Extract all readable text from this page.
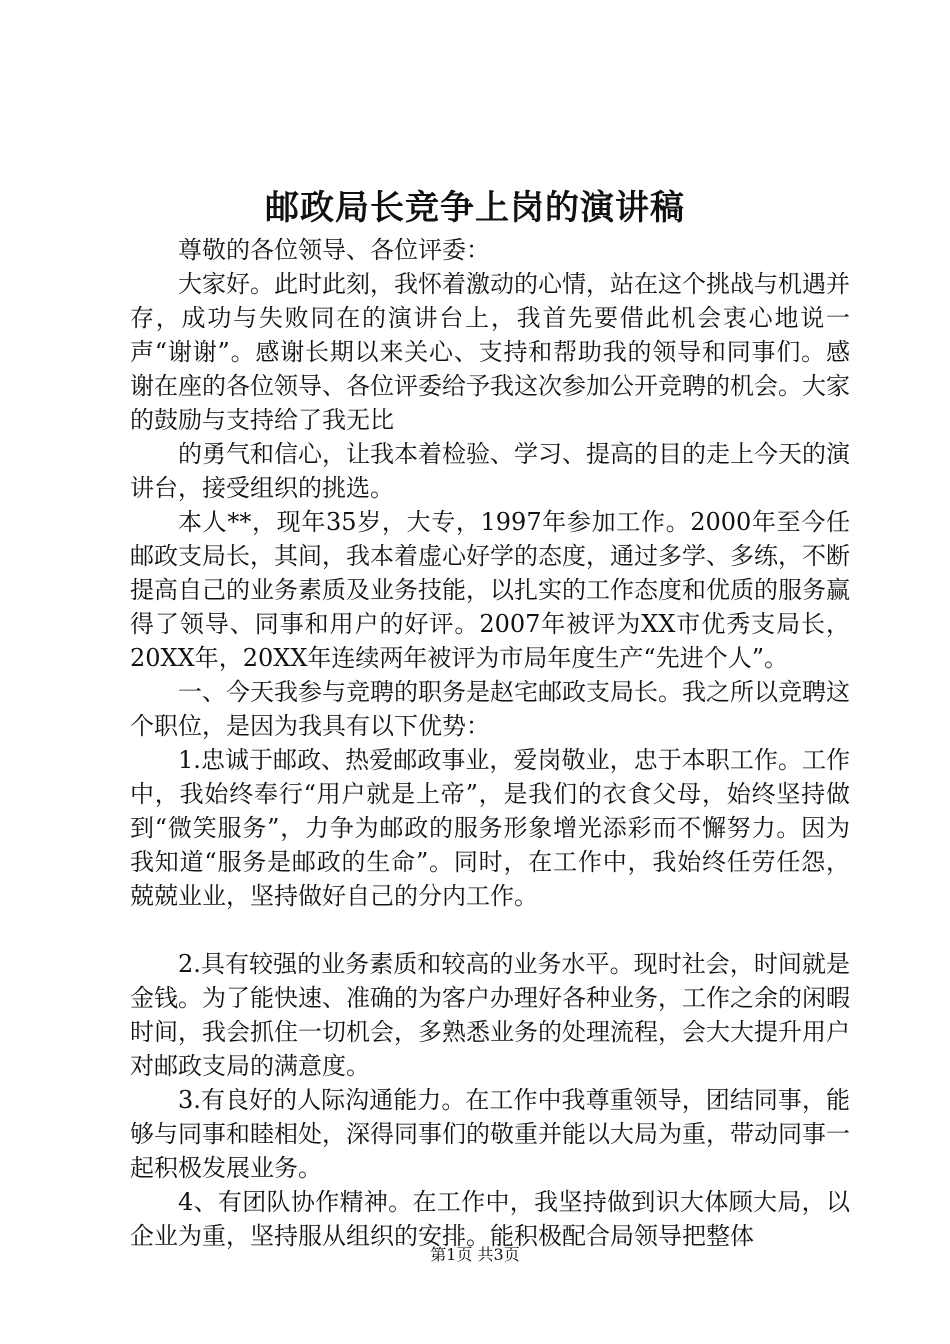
邮政局长竞争上岗的演讲稿

尊敬的各位领导、各位评委：

大家好。此时此刻，我怀着激动的心情，站在这个挑战与机遇并存，成功与失败同在的演讲台上，我首先要借此机会衷心地说一声“谢谢”。感谢长期以来关心、支持和帮助我的领导和同事们。感谢在座的各位领导、各位评委给予我这次参加公开竞聘的机会。大家的鼓励与支持给了我无比

的勇气和信心，让我本着检验、学习、提高的目的走上今天的演讲台，接受组织的挑选。

本人**，现年35岁，大专，1997年参加工作。2000年至今任邮政支局长，其间，我本着虚心好学的态度，通过多学、多练，不断提高自己的业务素质及业务技能，以扎实的工作态度和优质的服务赢得了领导、同事和用户的好评。2007年被评为XX市优秀支局长，20XX年，20XX年连续两年被评为市局年度生产“先进个人”。

一、今天我参与竞聘的职务是赵宅邮政支局长。我之所以竞聘这个职位，是因为我具有以下优势：

1.忠诚于邮政、热爱邮政事业，爱岗敬业，忠于本职工作。工作中，我始终奉行“用户就是上帝”，是我们的衣食父母，始终坚持做到“微笑服务”，力争为邮政的服务形象增光添彩而不懈努力。因为我知道“服务是邮政的生命”。同时，在工作中，我始终任劳任怨，兢兢业业，坚持做好自己的分内工作。

2.具有较强的业务素质和较高的业务水平。现时社会，时间就是金钱。为了能快速、准确的为客户办理好各种业务，工作之余的闲暇时间，我会抓住一切机会，多熟悉业务的处理流程，会大大提升用户对邮政支局的满意度。

3.有良好的人际沟通能力。在工作中我尊重领导，团结同事，能够与同事和睦相处，深得同事们的敬重并能以大局为重，带动同事一起积极发展业务。

4、有团队协作精神。在工作中，我坚持做到识大体顾大局，以企业为重，坚持服从组织的安排。能积极配合局领导把整体

第1页 共3页
